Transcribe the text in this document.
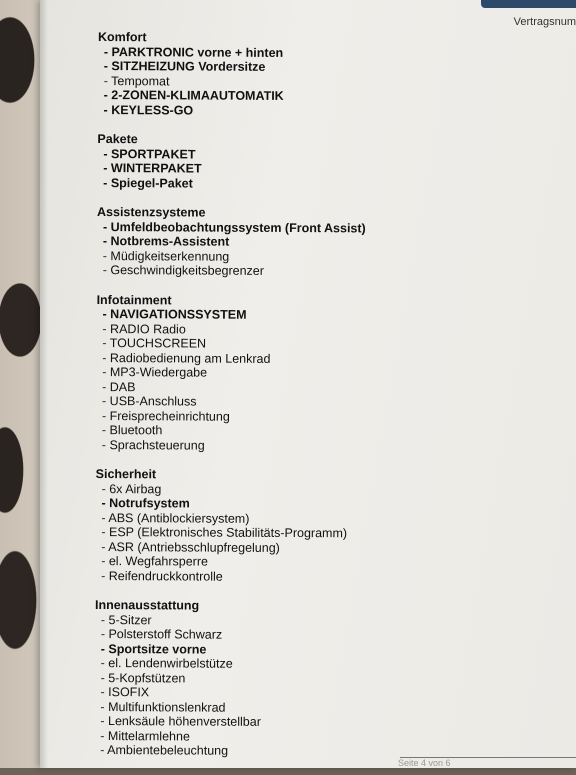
Vertragsnum
Komfort
- PARKTRONIC vorne + hinten
- SITZHEIZUNG Vordersitze
- Tempomat
- 2-ZONEN-KLIMAAUTOMATIK
- KEYLESS-GO
Pakete
- SPORTPAKET
- WINTERPAKET
- Spiegel-Paket
Assistenzsysteme
- Umfeldbeobachtungssystem (Front Assist)
- Notbrems-Assistent
- Müdigkeitserkennung
- Geschwindigkeitsbegrenzer
Infotainment
- NAVIGATIONSSYSTEM
- RADIO Radio
- TOUCHSCREEN
- Radiobedienung am Lenkrad
- MP3-Wiedergabe
- DAB
- USB-Anschluss
- Freisprecheinrichtung
- Bluetooth
- Sprachsteuerung
Sicherheit
- 6x Airbag
- Notrufsystem
- ABS (Antiblockiersystem)
- ESP (Elektronisches Stabilitäts-Programm)
- ASR (Antriebsschlupfregelung)
- el. Wegfahrsperre
- Reifendruckkontrolle
Innenausstattung
- 5-Sitzer
- Polsterstoff Schwarz
- Sportsitze vorne
- el. Lendenwirbelstütze
- 5-Kopfstützen
- ISOFIX
- Multifunktionslenkrad
- Lenksäule höhenverstellbar
- Mittelarmlehne
- Ambientebeleuchtung
Seite 4 von 6
